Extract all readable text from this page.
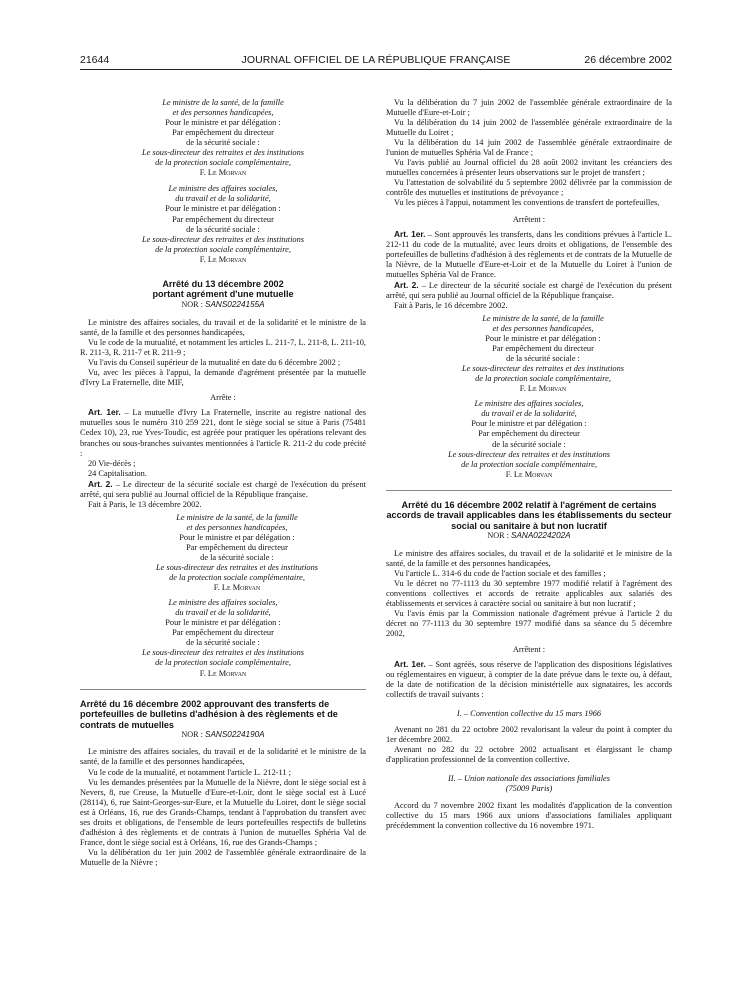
21644	JOURNAL OFFICIEL DE LA RÉPUBLIQUE FRANÇAISE	26 décembre 2002
Le ministre de la santé, de la famille
et des personnes handicapées,
Pour le ministre et par délégation :
Par empêchement du directeur
de la sécurité sociale :
Le sous-directeur des retraites et des institutions
de la protection sociale complémentaire,
F. Le Morvan
Le ministre des affaires sociales,
du travail et de la solidarité,
Pour le ministre et par délégation :
Par empêchement du directeur
de la sécurité sociale :
Le sous-directeur des retraites et des institutions
de la protection sociale complémentaire,
F. Le Morvan
Arrêté du 13 décembre 2002
portant agrément d'une mutuelle
NOR : SANS0224155A

Le ministre des affaires sociales, du travail et de la solidarité et le ministre de la santé, de la famille et des personnes handicapées,

Vu le code de la mutualité, et notamment les articles L. 211-7, L. 211-8, L. 211-10, R. 211-3, R. 211-7 et R. 211-9 ;

Vu l'avis du Conseil supérieur de la mutualité en date du 6 décembre 2002 ;

Vu, avec les pièces à l'appui, la demande d'agrément présentée par la mutuelle d'Ivry La Fraternelle, dite MIF,

Arrête :

Art. 1er. – La mutuelle d'Ivry La Fraternelle, inscrite au registre national des mutuelles sous le numéro 310 259 221, dont le siège social se situe à Paris (75481 Cedex 10), 23, rue Yves-Toudic, est agréée pour pratiquer les opérations relevant des branches ou sous-branches suivantes mentionnées à l'article R. 211-2 du code précité :

20 Vie-décès ;

24 Capitalisation.

Art. 2. – Le directeur de la sécurité sociale est chargé de l'exécution du présent arrêté, qui sera publié au Journal officiel de la République française.

Fait à Paris, le 13 décembre 2002.

Le ministre de la santé, de la famille
et des personnes handicapées,
Pour le ministre et par délégation :
Par empêchement du directeur
de la sécurité sociale :
Le sous-directeur des retraites et des institutions
de la protection sociale complémentaire,
F. Le Morvan
Le ministre des affaires sociales,
du travail et de la solidarité,
Pour le ministre et par délégation :
Par empêchement du directeur
de la sécurité sociale :
Le sous-directeur des retraites et des institutions
de la protection sociale complémentaire,
F. Le Morvan
Arrêté du 16 décembre 2002 approuvant des transferts de portefeuilles de bulletins d'adhésion à des règlements et de contrats de mutuelles
NOR : SANS0224190A

Le ministre des affaires sociales, du travail et de la solidarité et le ministre de la santé, de la famille et des personnes handicapées,

Vu le code de la mutualité, et notamment l'article L. 212-11 ;

Vu les demandes présentées par la Mutuelle de la Nièvre, dont le siège social est à Nevers, 8, rue Creuse, la Mutuelle d'Eure-et-Loir, dont le siège social est à Lucé (28114), 6, rue Saint-Georges-sur-Eure, et la Mutuelle du Loiret, dont le siège social est à Orléans, 16, rue des Grands-Champs, tendant à l'approbation du transfert avec ses droits et obligations, de l'ensemble de leurs portefeuilles respectifs de bulletins d'adhésion à des règlements et de contrats à l'union de mutuelles Sphéria Val de France, dont le siège social est à Orléans, 16, rue des Grands-Champs ;

Vu la délibération du 1er juin 2002 de l'assemblée générale extraordinaire de la Mutuelle de la Nièvre ;

Vu la délibération du 7 juin 2002 de l'assemblée générale extraordinaire de la Mutuelle d'Eure-et-Loir ;

Vu la délibération du 14 juin 2002 de l'assemblée générale extraordinaire de la Mutuelle du Loiret ;

Vu la délibération du 14 juin 2002 de l'assemblée générale extraordinaire de l'union de mutuelles Sphéria Val de France ;

Vu l'avis publié au Journal officiel du 28 août 2002 invitant les créanciers des mutuelles concernées à présenter leurs observations sur le projet de transfert ;

Vu l'attestation de solvabilité du 5 septembre 2002 délivrée par la commission de contrôle des mutuelles et institutions de prévoyance ;

Vu les pièces à l'appui, notamment les conventions de transfert de portefeuilles,

Arrêtent :

Art. 1er. – Sont approuvés les transferts, dans les conditions prévues à l'article L. 212-11 du code de la mutualité, avec leurs droits et obligations, de l'ensemble des portefeuilles de bulletins d'adhésion à des règlements et de contrats de la Mutuelle de la Nièvre, de la Mutuelle d'Eure-et-Loir et de la Mutuelle du Loiret à l'union de mutuelles Sphéria Val de France.

Art. 2. – Le directeur de la sécurité sociale est chargé de l'exécution du présent arrêté, qui sera publié au Journal officiel de la République française.

Fait à Paris, le 16 décembre 2002.

Le ministre de la santé, de la famille
et des personnes handicapées,
Pour le ministre et par délégation :
Par empêchement du directeur
de la sécurité sociale :
Le sous-directeur des retraites et des institutions
de la protection sociale complémentaire,
F. Le Morvan
Le ministre des affaires sociales,
du travail et de la solidarité,
Pour le ministre et par délégation :
Par empêchement du directeur
de la sécurité sociale :
Le sous-directeur des retraites et des institutions
de la protection sociale complémentaire,
F. Le Morvan
Arrêté du 16 décembre 2002 relatif à l'agrément de certains accords de travail applicables dans les établissements du secteur social ou sanitaire à but non lucratif
NOR : SANA0224202A

Le ministre des affaires sociales, du travail et de la solidarité et le ministre de la santé, de la famille et des personnes handicapées,

Vu l'article L. 314-6 du code de l'action sociale et des familles ;

Vu le décret no 77-1113 du 30 septembre 1977 modifié relatif à l'agrément des conventions collectives et accords de retraite applicables aux salariés des établissements et services à caractère social ou sanitaire à but non lucratif ;

Vu l'avis émis par la Commission nationale d'agrément prévue à l'article 2 du décret no 77-1113 du 30 septembre 1977 modifié dans sa séance du 5 décembre 2002,

Arrêtent :

Art. 1er. – Sont agréés, sous réserve de l'application des dispositions législatives ou réglementaires en vigueur, à compter de la date prévue dans le texte ou, à défaut, de la date de notification de la décision ministérielle aux signataires, les accords collectifs de travail suivants :

I. – Convention collective du 15 mars 1966

Avenant no 281 du 22 octobre 2002 revalorisant la valeur du point à compter du 1er décembre 2002.

Avenant no 282 du 22 octobre 2002 actualisant et élargissant le champ d'application professionnel de la convention collective.

II. – Union nationale des associations familiales

(75009 Paris)

Accord du 7 novembre 2002 fixant les modalités d'application de la convention collective du 15 mars 1966 aux unions d'associations familiales appliquant précédemment la convention collective du 16 novembre 1971.
